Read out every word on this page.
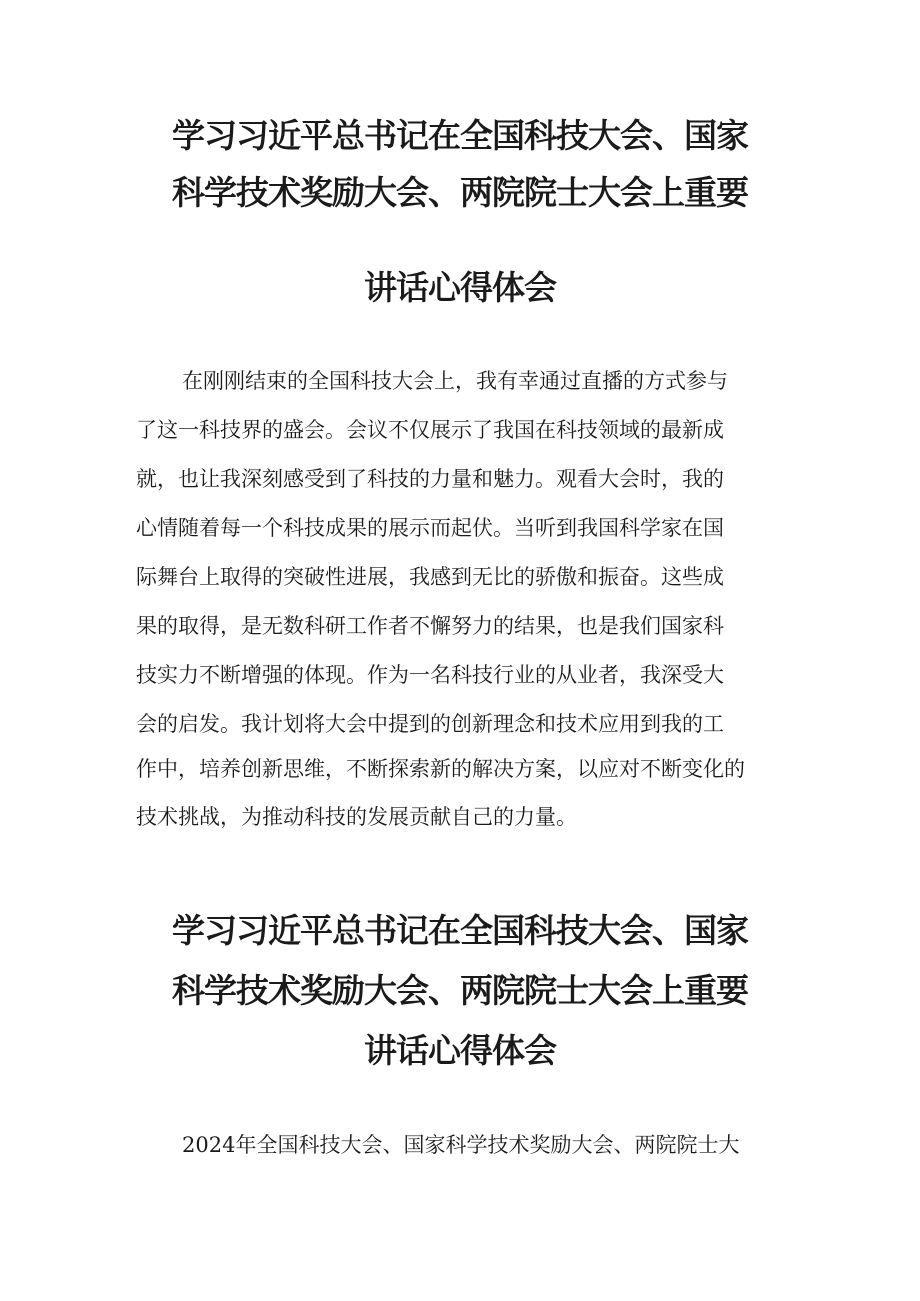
学习习近平总书记在全国科技大会、国家
科学技术奖励大会、两院院士大会上重要
讲话心得体会

在刚刚结束的全国科技大会上，我有幸通过直播的方式参与

了这一科技界的盛会。会议不仅展示了我国在科技领域的最新成

就，也让我深刻感受到了科技的力量和魅力。观看大会时，我的

心情随着每一个科技成果的展示而起伏。当听到我国科学家在国

际舞台上取得的突破性进展，我感到无比的骄傲和振奋。这些成

果的取得，是无数科研工作者不懈努力的结果，也是我们国家科

技实力不断增强的体现。作为一名科技行业的从业者，我深受大

会的启发。我计划将大会中提到的创新理念和技术应用到我的工

作中，培养创新思维，不断探索新的解决方案，以应对不断变化的

技术挑战，为推动科技的发展贡献自己的力量。

学习习近平总书记在全国科技大会、国家
科学技术奖励大会、两院院士大会上重要
讲话心得体会

2024年全国科技大会、国家科学技术奖励大会、两院院士大
